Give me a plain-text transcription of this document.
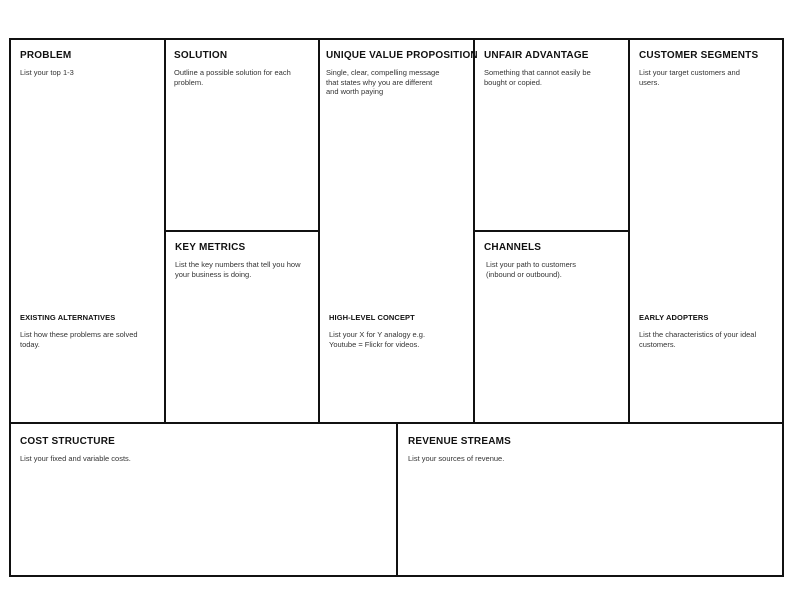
PROBLEM
List your top 1-3
EXISTING ALTERNATIVES
List how these problems are solved today.
SOLUTION
Outline a possible solution for each problem.
KEY METRICS
List the key numbers that tell you how your business is doing.
UNIQUE VALUE PROPOSITION
Single, clear, compelling message that states why you are different and worth paying
HIGH-LEVEL CONCEPT
List your X for Y analogy e.g. Youtube = Flickr for videos.
UNFAIR ADVANTAGE
Something that cannot easily be bought or copied.
CHANNELS
List your path to customers (inbound or outbound).
CUSTOMER SEGMENTS
List your target customers and users.
EARLY ADOPTERS
List the characteristics of your ideal customers.
COST STRUCTURE
List your fixed and variable costs.
REVENUE STREAMS
List your sources of revenue.
